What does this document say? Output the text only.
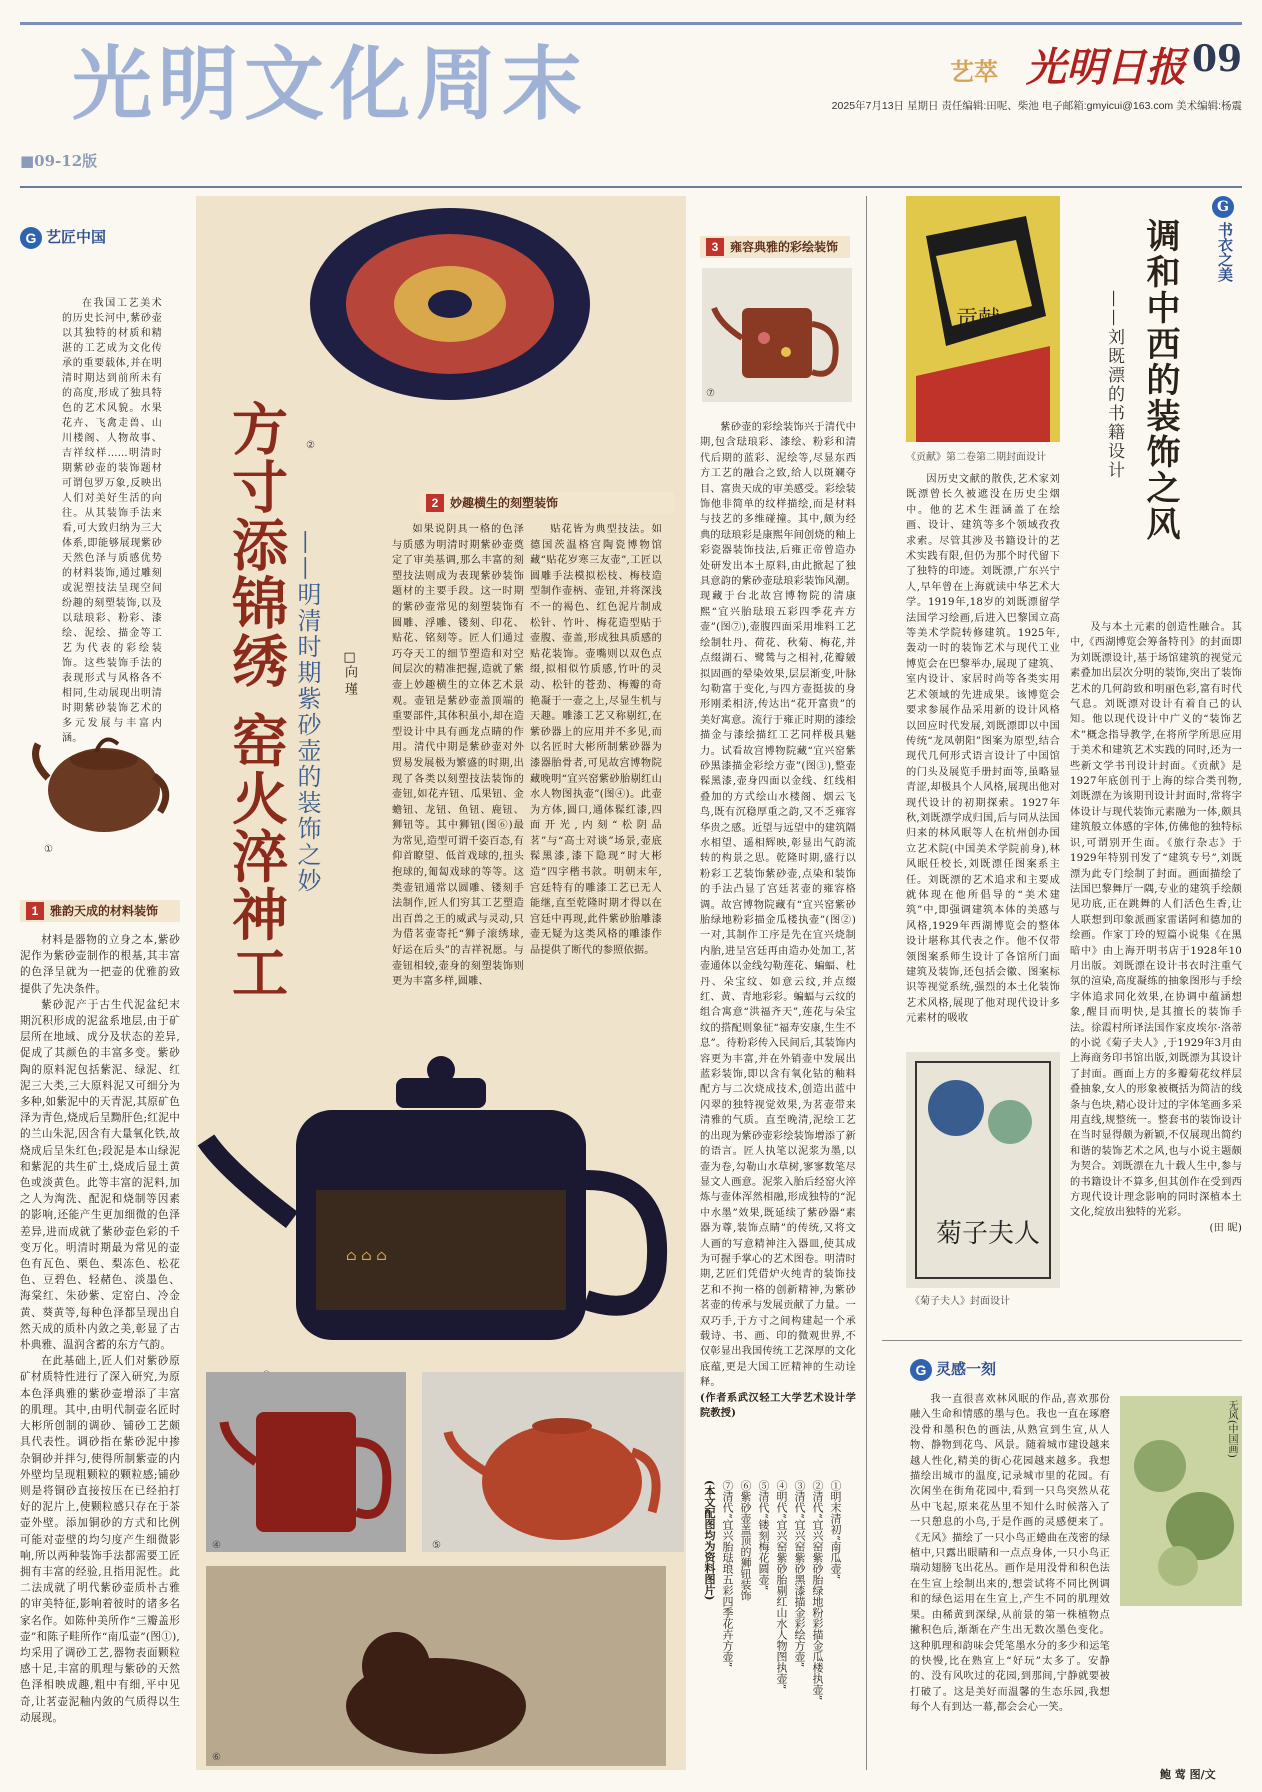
光明文化周末
■09-12版
艺萃 光明日报 09
2025年7月13日 星期日 责任编辑:田呢、柴池 电子邮箱:gmyicui@163.com 美术编辑:杨震
G 艺匠中国

在我国工艺美术的历史长河中,紫砂壶以其独特的材质和精湛的工艺成为文化传承的重要载体,并在明清时期达到前所未有的高度,形成了独具特色的艺术风貌。水果花卉、飞禽走兽、山川楼阁、人物故事、吉祥纹样……明清时期紫砂壶的装饰题材可谓包罗万象,反映出人们对美好生活的向往。从其装饰手法来看,可大致归纳为三大体系,即能够展现紫砂天然色泽与质感优势的材料装饰,通过雕刻或泥塑技法呈现空间纷趣的刻塑装饰,以及以琺琅彩、粉彩、漆绘、泥绘、描金等工艺为代表的彩绘装饰。这些装饰手法的表现形式与风格各不相同,生动展现出明清时期紫砂装饰艺术的多元发展与丰富内涵。

①
1 雅韵天成的材料装饰

材料是器物的立身之本,紫砂泥作为紫砂壶制作的根基,其丰富的色泽呈就为一把壶的优雅韵致提供了先决条件。

紫砂泥产于古生代泥盆纪末期沉积形成的泥盆系地层,由于矿层所在地域、成分及状态的差异,促成了其颜色的丰富多变。紫砂陶的原料泥包括紫泥、绿泥、红泥三大类,三大原料泥又可细分为多种,如紫泥中的天青泥,其原矿色泽为青色,烧成后呈黝肝色;红泥中的兰山朱泥,因含有大量氧化铁,故烧成后呈朱红色;段泥是本山绿泥和紫泥的共生矿土,烧成后显土黄色或淡黄色。此等丰富的泥料,加之人为淘洗、配泥和烧制等因素的影响,还能产生更加细微的色泽差异,进而成就了紫砂壶色彩的千变万化。明清时期最为常见的壶色有瓦色、栗色、梨冻色、松花色、豆碧色、轻赭色、淡墨色、海棠红、朱砂紫、定窑白、冷金黄、葵黄等,每种色泽都呈现出自然天成的质朴内敛之美,彰显了古朴典雅、温润含蓄的东方气韵。

在此基础上,匠人们对紫砂原矿材质特性进行了深入研究,为原本色泽典雅的紫砂壶增添了丰富的肌理。其中,由明代制壶名匠时大彬所创制的调砂、铺砂工艺颇具代表性。调砂指在紫砂泥中掺杂铜砂并拌匀,使得所制紫壶的内外壁均呈现粗颗粒的颗粒感;铺砂则是将铜砂直接按压在已经拍打好的泥片上,使颗粒感只存在于茶壶外壁。添加铜砂的方式和比例可能对壶壁的均匀度产生细微影响,所以两种装饰手法都需要工匠拥有丰富的经验,且指用泥性。此二法成就了明代紫砂壶质朴古雅的审美特征,影响着彼时的诸多名家名作。如陈仲美所作“三瓣盖形壶”和陈子畦所作“南瓜壶”(图①),均采用了调砂工艺,器物表面颗粒感十足,丰富的肌理与紫砂的天然色泽相映成趣,粗中有细,平中见奇,让茗壶泥釉内敛的气质得以生动展现。

②
方寸添锦绣 窑火淬神工 ——明清时期紫砂壶的装饰之妙	□向 瑾
2 妙趣横生的刻塑装饰

如果说阴具一格的色泽与质感为明清时期紫砂壶奠定了审美基调,那么丰富的刻塑技法则成为表现紫砂装饰题材的主要手段。这一时期的紫砂壶常见的刻塑装饰有圆雕、浮雕、镂刻、印花、贴花、铭刻等。匠人们通过巧夺天工的细节塑造和对空间层次的精准把握,造就了紫壶上妙趣横生的立体艺术景观。壶钮是紫砂壶盖顶端的重要部件,其体积虽小,却在造型设计中具有画龙点睛的作用。清代中期是紫砂壶对外贸易发展极为繁盛的时期,出现了各类以刻塑技法装饰的壶钮,如花卉钮、瓜果钮、金蟾钮、龙钮、鱼钮、鹿钮、狮钮等。其中狮钮(图⑥)最为常见,造型可谓千姿百态,有仰首瞭望、低首戏球的,扭头抱球的,匍匐戏球的等等。这类壶钮通常以圆雕、镂刻手法制作,匠人们穷其工艺塑造出百兽之王的威武与灵动,只为借茗壶寄托“狮子滚绣球,好运在后头”的吉祥祝愿。与壶钮相较,壶身的刻塑装饰则更为丰富多样,圆雕、

贴花皆为典型技法。如德国茨温格宫陶瓷博物馆藏“贴花岁寒三友壶”,工匠以圆雕手法模拟松枝、梅枝造型制作壶柄、壶钮,并将深浅不一的褐色、红色泥片制成松针、竹叶、梅花造型贴于壶腹、壶盖,形成独具质感的贴花装饰。壶嘴则以双色点缀,拟相似竹质感,竹叶的灵动、松针的苍劲、梅瓣的奇艳凝于一壶之上,尽显生机与天趣。雕漆工艺又称剔红,在紫砂器上的应用并不多见,而以名匠时大彬所制紫砂器为漆器胎骨者,可见故宫博物院藏晚明“宜兴窑紫砂胎剔红山水人物图执壶”(图④)。此壶为方体,圆口,通体髹红漆,四面开光,内刻“松阴品茗”与“高士对谈”场景,壶底髹黑漆,漆下隐现“时大彬造”四字楷书款。明朝末年,宫廷特有的雕漆工艺已无人能继,直至乾隆时期才得以在宫廷中再现,此件紫砂胎雕漆壶无疑为这类风格的雕漆作品提供了断代的参照依据。

⌂ ⌂ ⌂
④	⑤
⑥
3 雍容典雅的彩绘装饰
⑦

紫砂壶的彩绘装饰兴于清代中期,包含琺琅彩、漆绘、粉彩和清代后期的蓝彩、泥绘等,尽显东西方工艺的融合之致,给人以斑斓夺目、富贵天成的审美感受。彩绘装饰他非简单的纹样描绘,而是材料与技艺的多维碰撞。其中,颇为经典的琺琅彩是康熙年间创烧的釉上彩瓷器装饰技法,后雍正帝曾造办处研发出本土原料,由此掀起了独具意韵的紫砂壶琺琅彩装饰风潮。现藏于台北故宫博物院的清康熙“宜兴胎琺琅五彩四季花卉方壶”(图⑦),壶腹四面采用堆料工艺绘制牡丹、荷花、秋菊、梅花,并点缀湖石、鹭鸶与之相衬,花瓣皴拟固画的晕染效果,层层渐变,叶脉勾勒富于变化,与四方壶挺拔的身形刚柔相济,传达出“花开富贵”的美好寓意。流行于雍正时期的漆绘描金与漆绘描红工艺同样极具魅力。试看故宫博物院藏“宜兴窑紫砂黑漆描金彩绘方壶”(图③),整壶髹黑漆,壶身四面以金线、红线相叠加的方式绘山水楼阁、烟云飞鸟,既有沉稳厚重之韵,又不乏雍容华贵之感。近望与远望中的建筑隔水相望、遥相辉映,彰显出气韵流转的构景之思。乾隆时期,盛行以粉彩工艺装饰紫砂壶,点染和装饰的手法凸显了宫廷茗壶的雍容格调。故宫博物院藏有“宜兴窑紫砂胎绿地粉彩描金瓜楼执壶”(图②)一对,其制作工序是先在宜兴烧制内胎,进呈宫廷再由造办处加工,茗壶通体以金线勾勒莲花、蝙蝠、杜丹、朵宝纹、如意云纹,并点缀红、黄、青地彩彩。蝙蝠与云纹的组合寓意“洪福齐天”,莲花与朵宝纹的搭配则象征“福寿安康,生生不息”。待粉彩传入民间后,其装饰内容更为丰富,并在外销壶中发展出蓝彩装饰,即以含有氧化钴的釉料配方与二次烧成技术,创造出蓝中闪翠的独特视觉效果,为茗壶带来清雅的气质。直至晚清,泥绘工艺的出现为紫砂壶彩绘装饰增添了新的语言。匠人执笔以泥浆为墨,以壶为卷,勾勒山水草树,寥寥数笔尽显文人画意。泥浆入胎后经窑火淬炼与壶体浑然相融,形成独特的“泥中水墨”效果,既延续了紫砂器“素器为尊,装饰点睛”的传统,又将文人画的写意精神注入器皿,使其成为可握手掌心的艺术图卷。明清时期,艺匠们凭借炉火纯青的装饰技艺和不拘一格的创新精神,为紫砂茗壶的传承与发展贡献了力量。一双巧手,于方寸之间构建起一个承载诗、书、画、印的微观世界,不仅彰显出我国传统工艺深厚的文化底蕴,更是大国工匠精神的生动诠释。

(作者系武汉轻工大学艺术设计学院教授)

①明末清初“南瓜壶”
②清代“宜兴窑紫砂胎绿地粉彩描金瓜楼执壶”
③清代“宜兴窑紫砂黑漆描金彩绘方壶”
④明代“宜兴窑紫砂胎剔红山水人物图执壶”
⑤清代“镂刻梅花圆壶”
⑥紫砂壶盖顶的狮钮装饰
⑦清代“宜兴胎琺琅五彩四季花卉方壶”
(本文配图均为资料图片)
贡献
《贡献》第二卷第二期封面设计	调和中西的装饰之风
——刘既漂的书籍设计
G
书衣之美

因历史文献的散佚,艺术家刘既漂曾长久被遮没在历史尘烟中。他的艺术生涯涵盖了在绘画、设计、建筑等多个领域孜孜求索。尽管其涉及书籍设计的艺术实践有限,但仍为那个时代留下了独特的印迹。刘既漂,广东兴宁人,早年曾在上海就读中华艺术大学。1919年,18岁的刘既漂留学法国学习绘画,后进入巴黎国立高等美术学院转修建筑。1925年,轰动一时的装饰艺术与现代工业博览会在巴黎举办,展现了建筑、室内设计、家居时尚等各类实用艺术领域的先进成果。该博览会要求参展作品采用新的设计风格以回应时代发展,刘既漂即以中国传统“龙凤朝阳”图案为原型,结合现代几何形式语言设计了中国馆的门头及展览手册封面等,虽略显青涩,却极具个人风格,展现出他对现代设计的初期探索。1927年秋,刘既漂学成归国,后与同从法国归来的林风眠等人在杭州创办国立艺术院(中国美术学院前身),林风眠任校长,刘既漂任图案系主任。刘既漂的艺术追求和主要成就体现在他所倡导的“美术建筑”中,即强调建筑本体的美感与风格,1929年西湖博览会的整体设计堪称其代表之作。他不仅带领图案系师生设计了各馆所门面建筑及装饰,还包括会徽、图案标识等视觉系统,强烈的本土化装饰艺术风格,展现了他对现代设计多元素材的吸收

及与本土元素的创造性融合。其中,《西湖博览会筹备特刊》的封面即为刘既漂设计,基于场馆建筑的视觉元素叠加出层次分明的装饰,突出了装饰艺术的几何韵致和明丽色彩,富有时代气息。刘既漂对设计有着自己的认知。他以现代设计中广义的“装饰艺术”概念指导教学,在将所学所思应用于美术和建筑艺术实践的同时,还为一些新文学书刊设计封面。《贡献》是1927年底创刊于上海的综合类刊物,刘既漂在为该期刊设计封面时,常将字体设计与现代装饰元素融为一体,颇具建筑般立体感的字体,仿佛他的独特标识,可谓别开生面。《旅行杂志》于1929年特别刊发了“建筑专号”,刘既漂为此专门绘制了封面。画面描绘了法国巴黎舞厅一隅,专业的建筑手绘颇见功底,正在跳舞的人们活色生香,让人联想到印象派画家雷诺阿和德加的绘画。作家丁玲的短篇小说集《在黑暗中》由上海开明书店于1928年10月出版。刘既漂在设计书衣时注重气氛的渲染,高度凝练的抽象图形与手绘字体追求同化效果,在协调中蕴涵想象,醒目而明快,是其擅长的装饰手法。徐霞村所译法国作家皮埃尔·洛蒂的小说《菊子夫人》,于1929年3月由上海商务印书馆出版,刘既漂为其设计了封面。画面上方的多瓣菊花纹样层叠抽象,女人的形象被概括为简洁的线条与色块,精心设计过的字体笔画多采用直线,规整统一。整套书的装饰设计在当时显得颇为新颖,不仅展现出简约和谐的装饰艺术之风,也与小说主题颇为契合。刘既漂在九十载人生中,参与的书籍设计不算多,但其创作在受到西方现代设计理念影响的同时深植本土文化,绽放出独特的光彩。

(田 昵)

菊子夫人
《菊子夫人》封面设计
G 灵感一刻

我一直很喜欢林风眠的作品,喜欢那份融入生命和情感的墨与色。我也一直在琢磨没骨和墨积色的画法,从熟宣到生宣,从人物、静物到花鸟、风景。随着城市建设越来越人性化,精美的街心花园越来越多。我想描绘出城市的温度,记录城市里的花园。有次闲坐在街角花园中,看到一只鸟突然从花丛中飞起,原来花丛里不知什么时候落入了一只憩息的小鸟,于是作画的灵感便来了。《无风》描绘了一只小鸟正蜷曲在茂密的绿植中,只露出眼睛和一点点身体,一只小鸟正瑞动翅膀飞出花丛。画作是用没骨和积色法在生宣上绘制出来的,想尝试将不同比例调和的绿色运用在生宣上,产生不同的肌理效果。由稀黄到深绿,从前景的第一株植物点撇积色后,渐渐在产生出无数次墨色变化。这种肌理和韵味会凭笔墨水分的多少和运笔的快慢,比在熟宣上“好玩”太多了。安静的、没有风吹过的花园,到那间,宁静就要被打破了。这是美好而温馨的生态乐园,我想每个人有到达一幕,都会会心一笑。

无风(中国画)
鲍 莺 图/文
